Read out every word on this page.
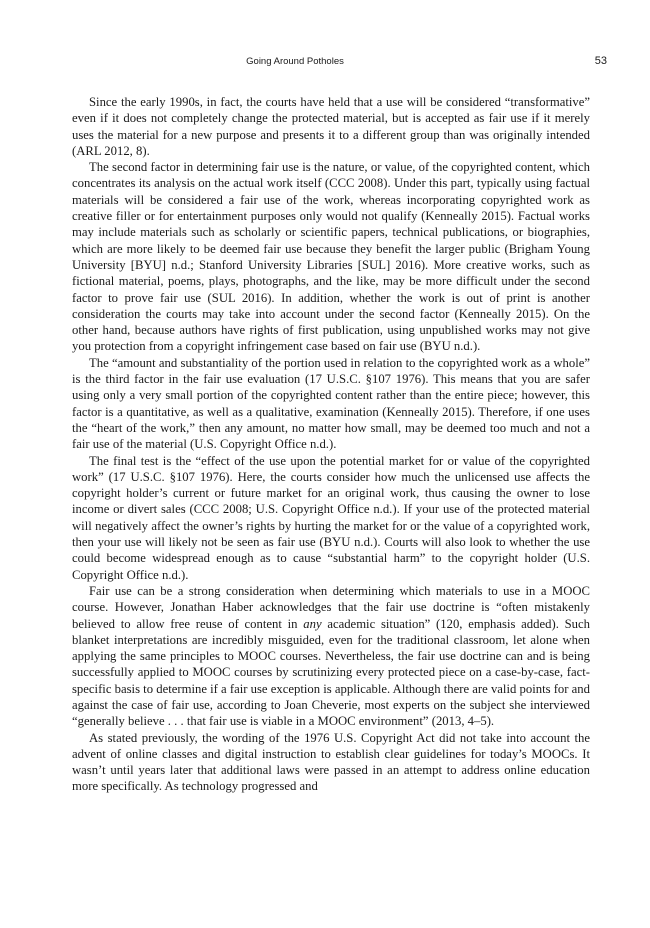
Going Around Potholes	53

Since the early 1990s, in fact, the courts have held that a use will be considered “transformative” even if it does not completely change the protected material, but is accepted as fair use if it merely uses the material for a new purpose and presents it to a different group than was originally intended (ARL 2012, 8).

The second factor in determining fair use is the nature, or value, of the copyrighted content, which concentrates its analysis on the actual work itself (CCC 2008). Under this part, typically using factual materials will be considered a fair use of the work, whereas incorporating copyrighted work as creative filler or for entertainment purposes only would not qualify (Kenneally 2015). Factual works may include materials such as scholarly or scientific papers, technical publications, or biographies, which are more likely to be deemed fair use because they benefit the larger public (Brigham Young University [BYU] n.d.; Stanford University Libraries [SUL] 2016). More creative works, such as fictional material, poems, plays, photographs, and the like, may be more difficult under the second factor to prove fair use (SUL 2016). In addition, whether the work is out of print is another consideration the courts may take into account under the second factor (Kenneally 2015). On the other hand, because authors have rights of first publication, using unpublished works may not give you protection from a copyright infringement case based on fair use (BYU n.d.).

The “amount and substantiality of the portion used in relation to the copyrighted work as a whole” is the third factor in the fair use evaluation (17 U.S.C. §107 1976). This means that you are safer using only a very small portion of the copyrighted content rather than the entire piece; however, this factor is a quantitative, as well as a qualitative, examination (Kenneally 2015). Therefore, if one uses the “heart of the work,” then any amount, no matter how small, may be deemed too much and not a fair use of the material (U.S. Copyright Office n.d.).

The final test is the “effect of the use upon the potential market for or value of the copyrighted work” (17 U.S.C. §107 1976). Here, the courts consider how much the unlicensed use affects the copyright holder’s current or future market for an original work, thus causing the owner to lose income or divert sales (CCC 2008; U.S. Copyright Office n.d.). If your use of the protected material will negatively affect the owner’s rights by hurting the market for or the value of a copyrighted work, then your use will likely not be seen as fair use (BYU n.d.). Courts will also look to whether the use could become widespread enough as to cause “substantial harm” to the copyright holder (U.S. Copyright Office n.d.).

Fair use can be a strong consideration when determining which materials to use in a MOOC course. However, Jonathan Haber acknowledges that the fair use doctrine is “often mistakenly believed to allow free reuse of content in any academic situation” (120, emphasis added). Such blanket interpretations are incredibly misguided, even for the traditional classroom, let alone when applying the same principles to MOOC courses. Nevertheless, the fair use doctrine can and is being successfully applied to MOOC courses by scrutinizing every protected piece on a case-by-case, fact-specific basis to determine if a fair use exception is applicable. Although there are valid points for and against the case of fair use, according to Joan Cheverie, most experts on the subject she interviewed “generally believe . . . that fair use is viable in a MOOC environment” (2013, 4–5).

As stated previously, the wording of the 1976 U.S. Copyright Act did not take into account the advent of online classes and digital instruction to establish clear guidelines for today’s MOOCs. It wasn’t until years later that additional laws were passed in an attempt to address online education more specifically. As technology progressed and
